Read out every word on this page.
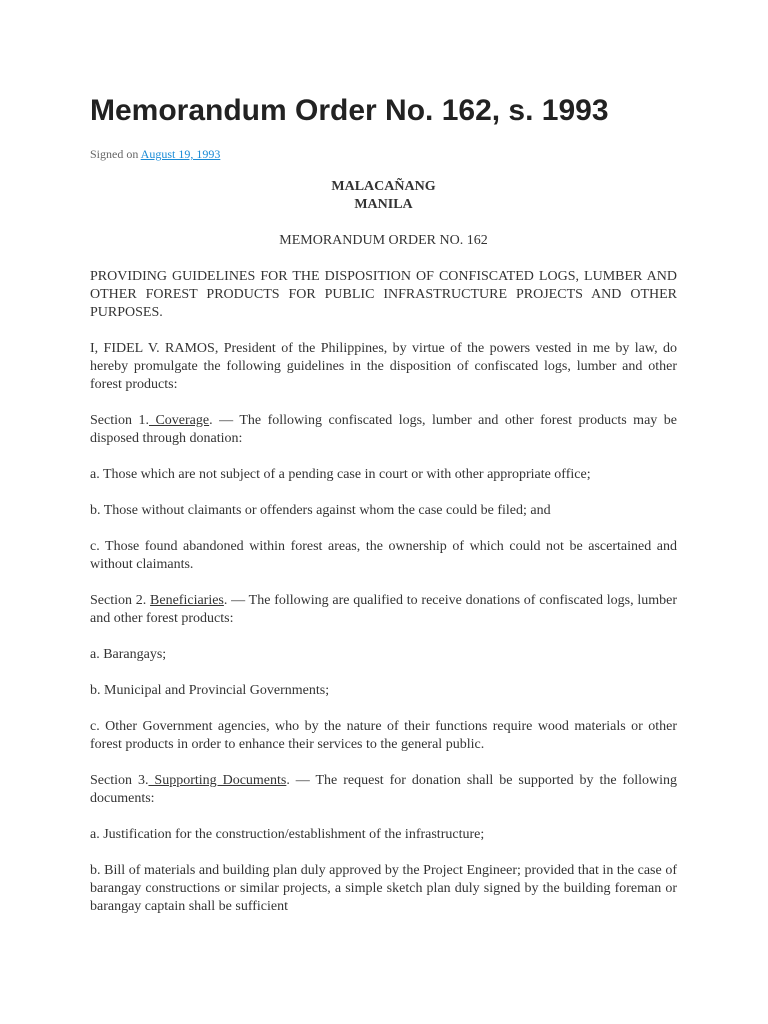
Memorandum Order No. 162, s. 1993
Signed on August 19, 1993

MALACAÑANG

MANILA

MEMORANDUM ORDER NO. 162

PROVIDING GUIDELINES FOR THE DISPOSITION OF CONFISCATED LOGS, LUMBER AND OTHER FOREST PRODUCTS FOR PUBLIC INFRASTRUCTURE PROJECTS AND OTHER PURPOSES.

I, FIDEL V. RAMOS, President of the Philippines, by virtue of the powers vested in me by law, do hereby promulgate the following guidelines in the disposition of confiscated logs, lumber and other forest products:

Section 1. Coverage. — The following confiscated logs, lumber and other forest products may be disposed through donation:

a. Those which are not subject of a pending case in court or with other appropriate office;

b. Those without claimants or offenders against whom the case could be filed; and

c. Those found abandoned within forest areas, the ownership of which could not be ascertained and without claimants.

Section 2. Beneficiaries. — The following are qualified to receive donations of confiscated logs, lumber and other forest products:

a. Barangays;

b. Municipal and Provincial Governments;

c. Other Government agencies, who by the nature of their functions require wood materials or other forest products in order to enhance their services to the general public.

Section 3. Supporting Documents. — The request for donation shall be supported by the following documents:

a. Justification for the construction/establishment of the infrastructure;

b. Bill of materials and building plan duly approved by the Project Engineer; provided that in the case of barangay constructions or similar projects, a simple sketch plan duly signed by the building foreman or barangay captain shall be sufficient
